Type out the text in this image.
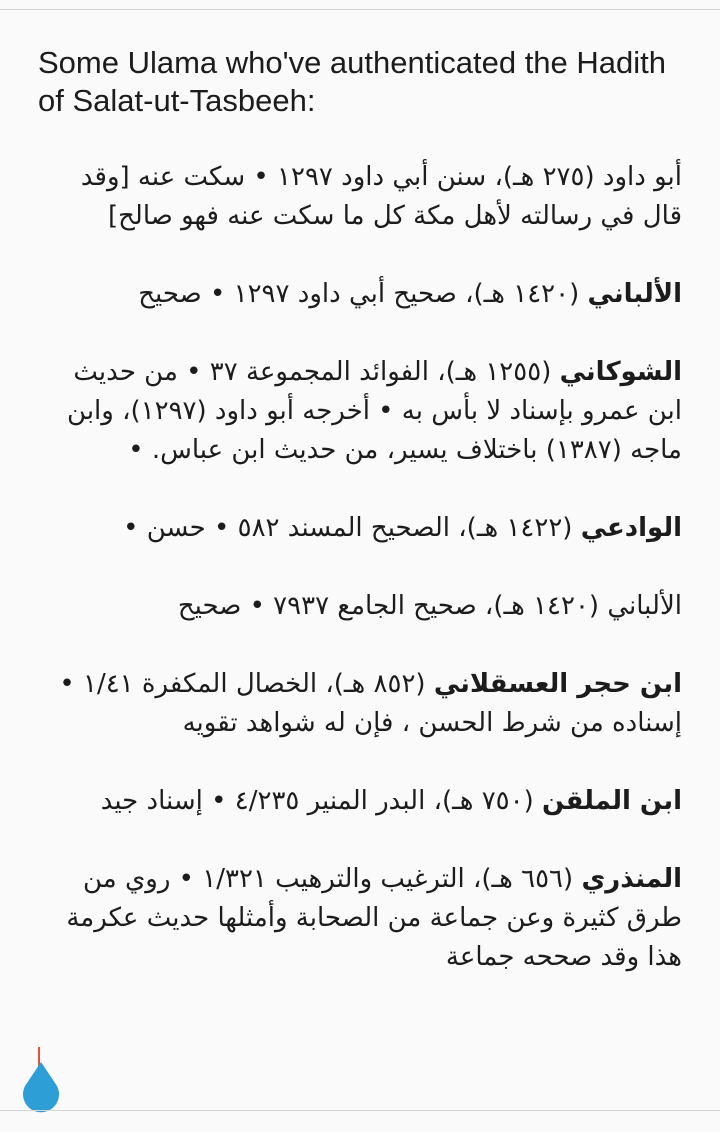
Some Ulama who've authenticated the Hadith of Salat-ut-Tasbeeh:
أبو داود (٢٧٥ هـ)، سنن أبي داود ١٢٩٧ • سكت عنه [وقد قال في رسالته لأهل مكة كل ما سكت عنه فهو صالح]
الألباني (١٤٢٠ هـ)، صحيح أبي داود ١٢٩٧ • صحيح
الشوكاني (١٢٥٥ هـ)، الفوائد المجموعة ٣٧ • من حديث ابن عمرو بإسناد لا بأس به • أخرجه أبو داود (١٢٩٧)، وابن ماجه (١٣٨٧) باختلاف يسير، من حديث ابن عباس. •
الوادعي (١٤٢٢ هـ)، الصحيح المسند ٥٨٢ • حسن •
الألباني (١٤٢٠ هـ)، صحيح الجامع ٧٩٣٧ • صحيح
ابن حجر العسقلاني (٨٥٢ هـ)، الخصال المكفرة ١/٤١ • إسناده من شرط الحسن ، فإن له شواهد تقويه
ابن الملقن (٧٥٠ هـ)، البدر المنير ٤/٢٣٥ • إسناد جيد
المنذري (٦٥٦ هـ)، الترغيب والترهيب ١/٣٢١ • روي من طرق كثيرة وعن جماعة من الصحابة وأمثلها حديث عكرمة هذا وقد صححه جماعة
